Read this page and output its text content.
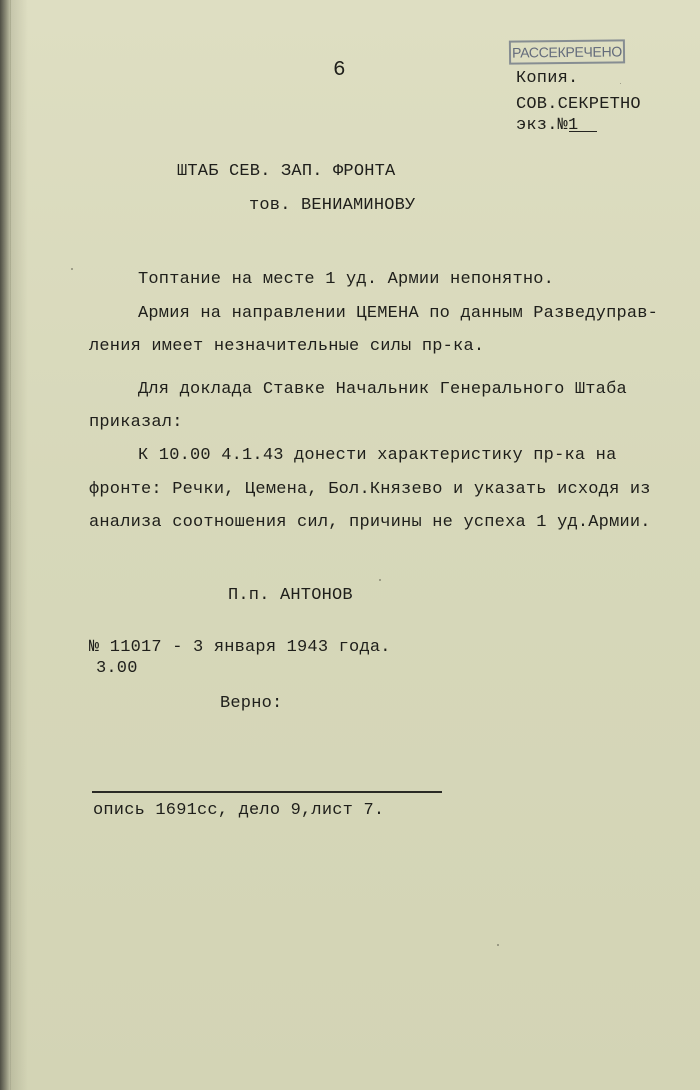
6
РАССЕКРЕЧЕНО
Копия.
СОВ.СЕКРЕТНО
экз.№1
ШТАБ СЕВ. ЗАП. ФРОНТА
тов. ВЕНИАМИНОВУ
Топтание на месте 1 уд. Армии непонятно.
Армия на направлении ЦЕМЕНА по данным Разведуправ-
ления имеет незначительные силы пр-ка.
Для доклада Ставке Начальник Генерального Штаба
приказал:
К 10.00 4.1.43 донести характеристику пр-ка на
фронте: Речки, Цемена, Бол.Князево и указать исходя из
анализа соотношения сил, причины не успеха 1 уд.Армии.
П.п. АНТОНОВ
№ 11017 - 3 января 1943 года.
3.00
Верно:
опись 1691сс, дело 9,лист 7.
